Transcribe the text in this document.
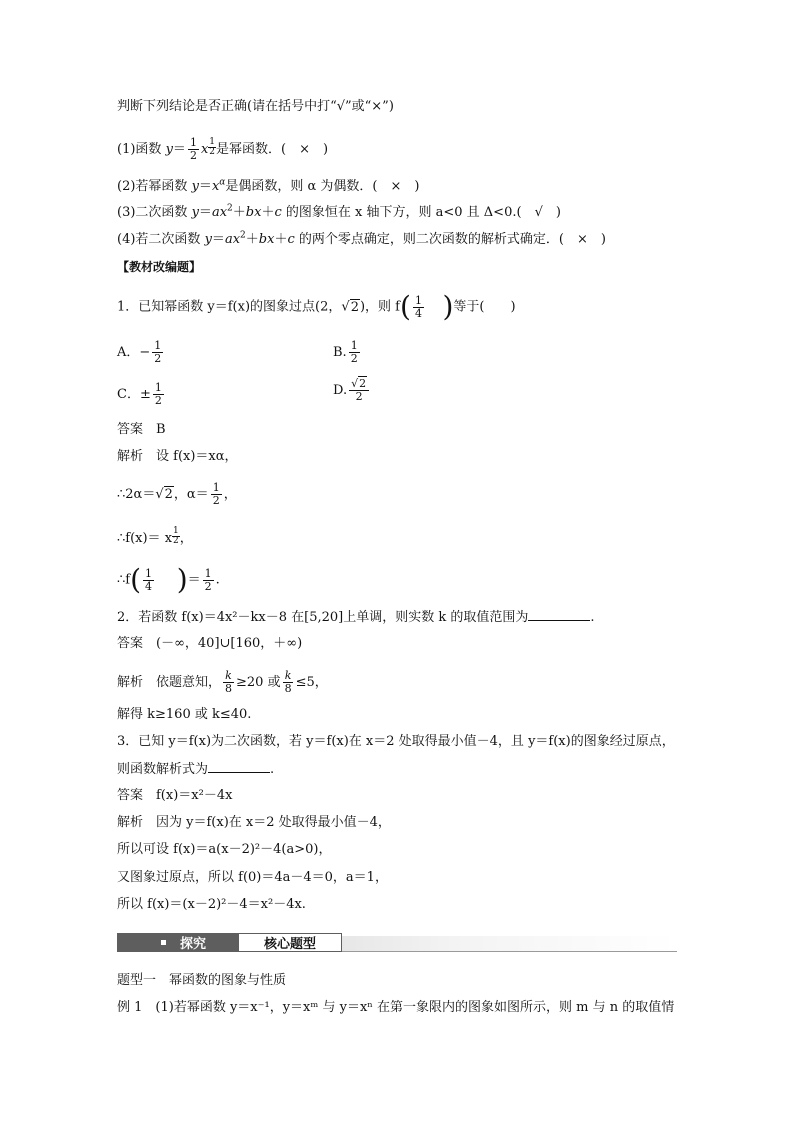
判断下列结论是否正确(请在括号中打“√”或“×”)
(1)函数 $y= \frac{1}{2}$ x $\frac{1}{2}$ 是幂函数．(　 ×　 )
(2)若幂函数 $y=x^\alpha$是偶函数，则 α 为偶数．(　 ×　 )
(3)二次函数 $y=ax^2+bx+c$ 的图象恒在 x 轴下方，则 a<0 且 Δ<0.(　 √　 )
(4)若二次函数 $y=ax^2+bx+c$ 的两个零点确定，则二次函数的解析式确定．(　 ×　 )
【教材改编题】
1．已知幂函数 y＝f(x)的图象过点(2，√2)，则 $f( \frac{1}{4}$ )等于(　　)
A．− $\frac{1}{2}$	B. $\frac{1}{2}$
C．± $\frac{1}{2}$	D. $\frac{√2}{2}$
答案　B
解析　设 f(x)＝xα，
∴2α＝√2，$\alpha= \frac{1}{2}$ ，
∴f(x)＝ x $\frac{1}{2}$ ，
∴f( $\frac{1}{4}$ )＝ $\frac{1}{2}$ .
2．若函数 f(x)＝4x²－kx－8 在[5,20]上单调，则实数 k 的取值范围为	.
答案　(－∞，40]∪[160，＋∞)
解析　依题意知， $\frac{k}{8} \ge 20$ 或 $\frac{k}{8} \le 5$，
解得 k≥160 或 k≤40.
3．已知 y＝f(x)为二次函数，若 y＝f(x)在 x＝2 处取得最小值－4，且 y＝f(x)的图象经过原点，
则函数解析式为	.
答案　f(x)＝x²－4x
解析　因为 y＝f(x)在 x＝2 处取得最小值－4，
所以可设 f(x)＝a(x－2)²－4(a>0)，
又图象过原点，所以 f(0)＝4a－4＝0，a＝1，
所以 f(x)＝(x－2)²－4＝x²－4x.
探究	核心题型
题型一　幂函数的图象与性质
例 1　(1)若幂函数 y＝x⁻¹，y＝xᵐ 与 y＝xⁿ 在第一象限内的图象如图所示，则 m 与 n 的取值情
